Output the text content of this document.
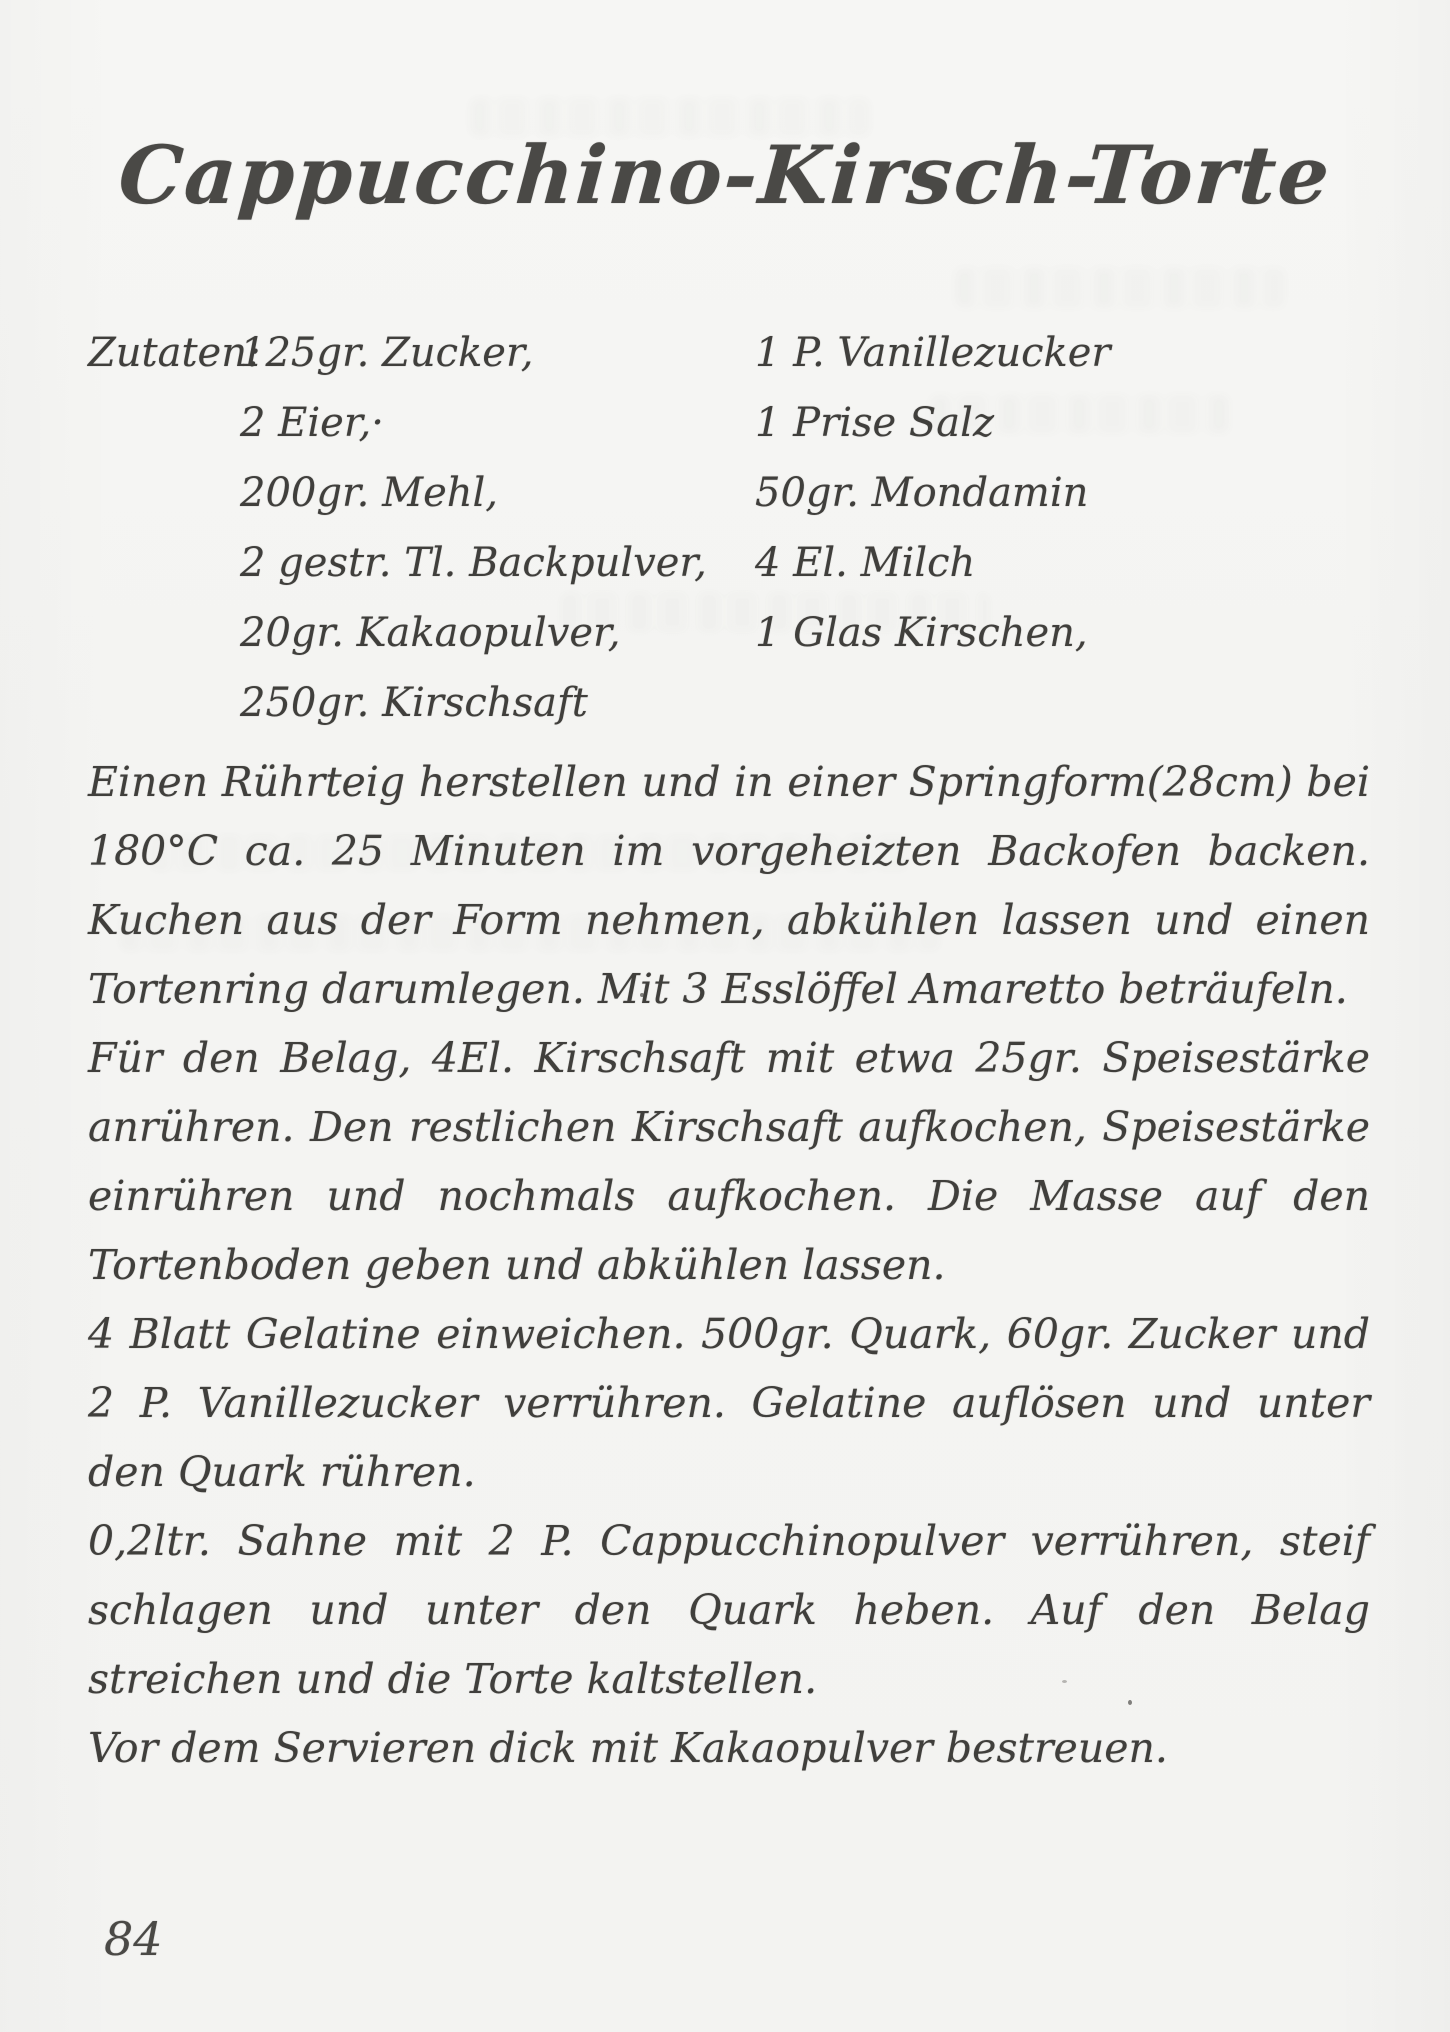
Cappucchino-Kirsch-Torte
Zutaten:
125gr. Zucker,	1 P. Vanillezucker
2 Eier,·	1 Prise Salz
200gr. Mehl,	50gr. Mondamin
2 gestr. Tl. Backpulver, 4 El. Milch
20gr. Kakaopulver,	1 Glas Kirschen,
250gr. Kirschsaft

Einen Rührteig herstellen und in einer Springform(28cm) bei 180°C ca. 25 Minuten im vorgeheizten Backofen backen. Kuchen aus der Form nehmen, abkühlen lassen und einen Tortenring darumlegen. Mit 3 Esslöffel Amaretto beträufeln.

Für den Belag, 4El. Kirschsaft mit etwa 25gr. Speisestärke anrühren. Den restlichen Kirschsaft aufkochen, Speisestärke einrühren und nochmals aufkochen. Die Masse auf den Tortenboden geben und abkühlen lassen.

4 Blatt Gelatine einweichen. 500gr. Quark, 60gr. Zucker und 2 P. Vanillezucker verrühren. Gelatine auflösen und unter den Quark rühren.

0,2ltr. Sahne mit 2 P. Cappucchinopulver verrühren, steif schlagen und unter den Quark heben. Auf den Belag streichen und die Torte kaltstellen.

Vor dem Servieren dick mit Kakaopulver bestreuen.

84
